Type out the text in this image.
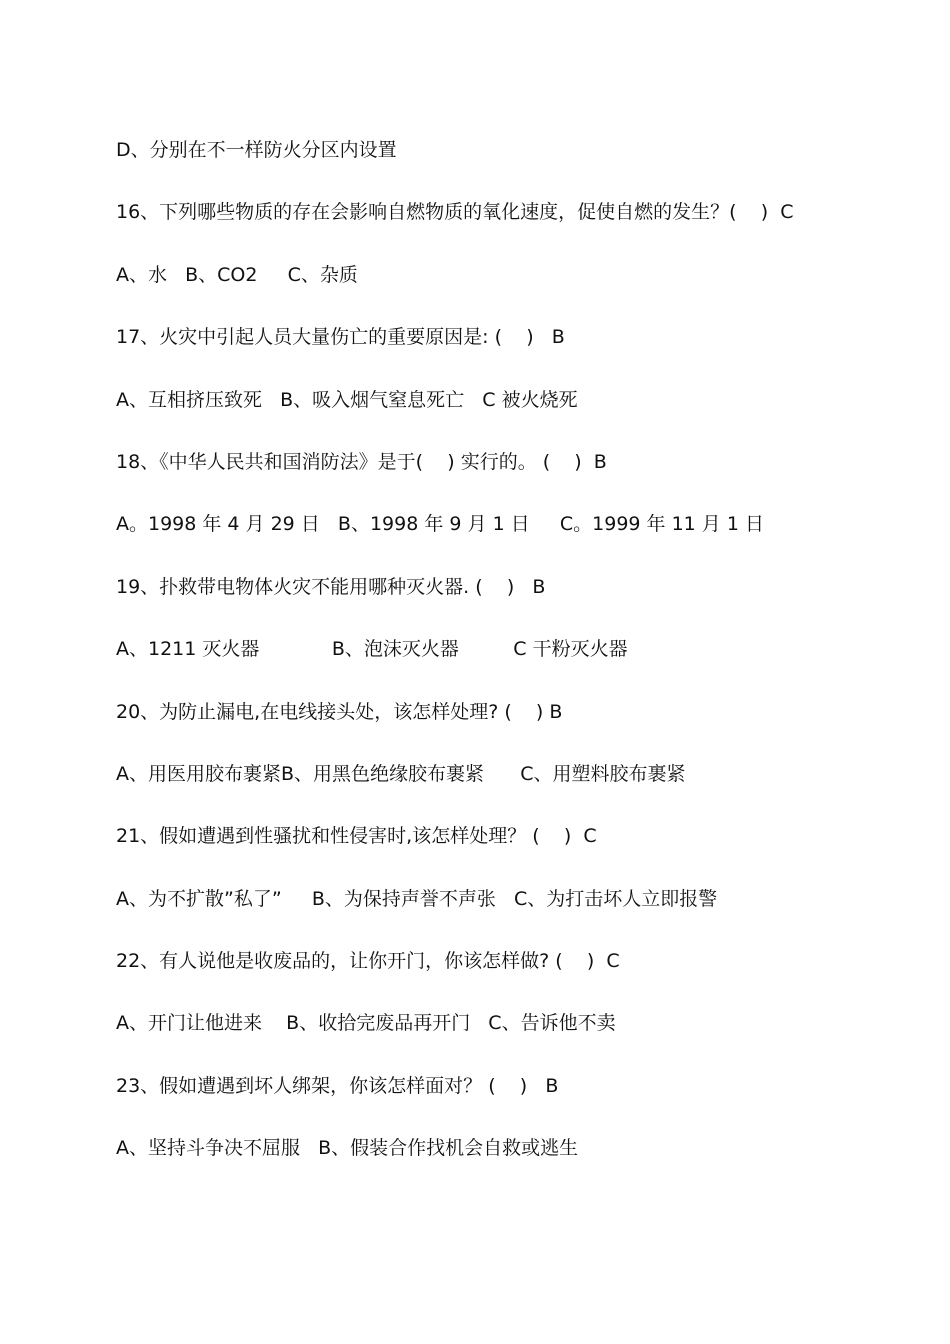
D、分别在不一样防火分区内设置
16、下列哪些物质的存在会影响自燃物质的氧化速度，促使自燃的发生？(    )  C
A、水   B、CO2     C、杂质
17、火灾中引起人员大量伤亡的重要原因是: (    )   B
A、互相挤压致死   B、吸入烟气窒息死亡   C 被火烧死
18、《中华人民共和国消防法》是于(    ) 实行的。 (    )  B
A。1998 年 4 月 29 日   B、1998 年 9 月 1 日     C。1999 年 11 月 1 日
19、扑救带电物体火灾不能用哪种灭火器. (    )   B
A、1211 灭火器            B、泡沫灭火器         C 干粉灭火器
20、为防止漏电,在电线接头处，该怎样处理? (    ) B
A、用医用胶布裹紧B、用黑色绝缘胶布裹紧      C、用塑料胶布裹紧
21、假如遭遇到性骚扰和性侵害时,该怎样处理？ (    )  C
A、为不扩散”私了”     B、为保持声誉不声张   C、为打击坏人立即报警
22、有人说他是收废品的，让你开门，你该怎样做? (    )  C
A、开门让他进来    B、收拾完废品再开门   C、告诉他不卖
23、假如遭遇到坏人绑架，你该怎样面对？ (    )   B
A、坚持斗争决不屈服   B、假装合作找机会自救或逃生
